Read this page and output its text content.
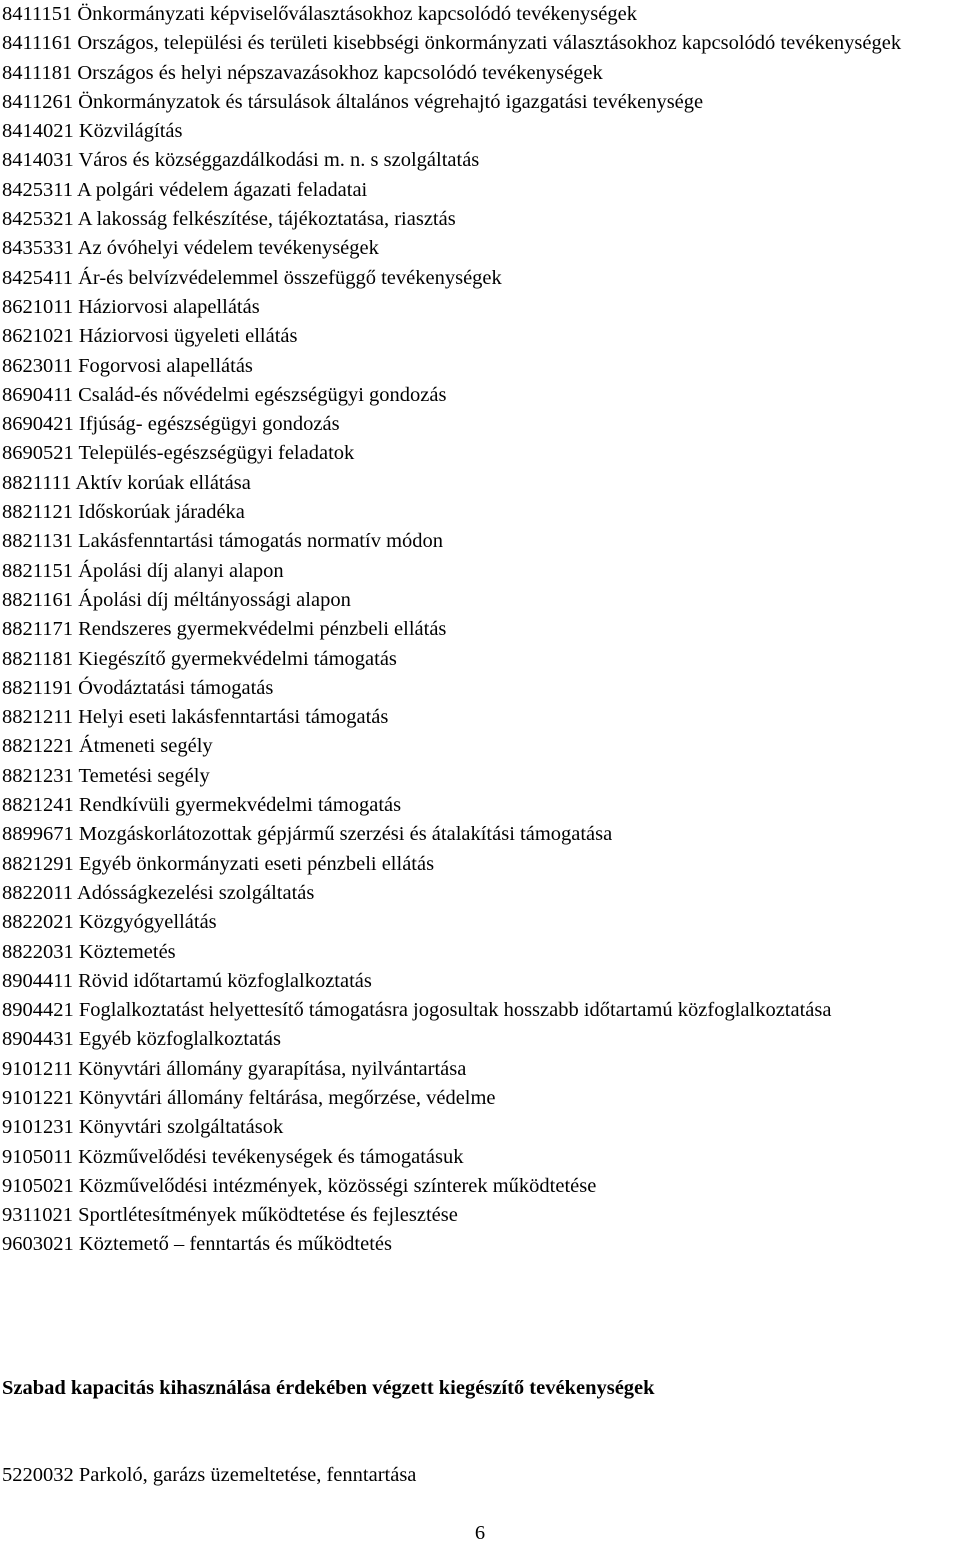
8411151 Önkormányzati képviselőválasztásokhoz kapcsolódó tevékenységek
8411161 Országos, települési és területi kisebbségi önkormányzati választásokhoz kapcsolódó tevékenységek
8411181 Országos és helyi népszavazásokhoz kapcsolódó tevékenységek
8411261 Önkormányzatok és társulások általános végrehajtó igazgatási tevékenysége
8414021 Közvilágítás
8414031 Város és községgazdálkodási m. n. s szolgáltatás
8425311 A polgári védelem ágazati feladatai
8425321 A lakosság felkészítése, tájékoztatása, riasztás
8435331 Az óvóhelyi védelem tevékenységek
8425411 Ár-és belvízvédelemmel összefüggő tevékenységek
8621011 Háziorvosi alapellátás
8621021 Háziorvosi ügyeleti ellátás
8623011 Fogorvosi alapellátás
8690411 Család-és nővédelmi egészségügyi gondozás
8690421 Ifjúság- egészségügyi gondozás
8690521 Település-egészségügyi feladatok
8821111 Aktív korúak ellátása
8821121 Időskorúak járadéka
8821131 Lakásfenntartási támogatás normatív módon
8821151 Ápolási díj alanyi alapon
8821161 Ápolási díj méltányossági alapon
8821171 Rendszeres gyermekvédelmi pénzbeli ellátás
8821181 Kiegészítő gyermekvédelmi támogatás
8821191 Óvodáztatási támogatás
8821211 Helyi eseti lakásfenntartási támogatás
8821221 Átmeneti segély
8821231 Temetési segély
8821241 Rendkívüli gyermekvédelmi támogatás
8899671 Mozgáskorlátozottak gépjármű szerzési és átalakítási támogatása
8821291 Egyéb önkormányzati eseti pénzbeli ellátás
8822011 Adósságkezelési szolgáltatás
8822021 Közgyógyellátás
8822031 Köztemetés
8904411 Rövid időtartamú közfoglalkoztatás
8904421 Foglalkoztatást helyettesítő támogatásra jogosultak hosszabb időtartamú közfoglalkoztatása
8904431 Egyéb közfoglalkoztatás
9101211 Könyvtári állomány gyarapítása, nyilvántartása
9101221 Könyvtári állomány feltárása, megőrzése, védelme
9101231 Könyvtári szolgáltatások
9105011 Közművelődési tevékenységek és támogatásuk
9105021 Közművelődési intézmények, közösségi színterek működtetése
9311021 Sportlétesítmények működtetése és fejlesztése
9603021 Köztemető – fenntartás és működtetés
Szabad kapacitás kihasználása érdekében végzett kiegészítő tevékenységek
5220032 Parkoló, garázs üzemeltetése, fenntartása
6
